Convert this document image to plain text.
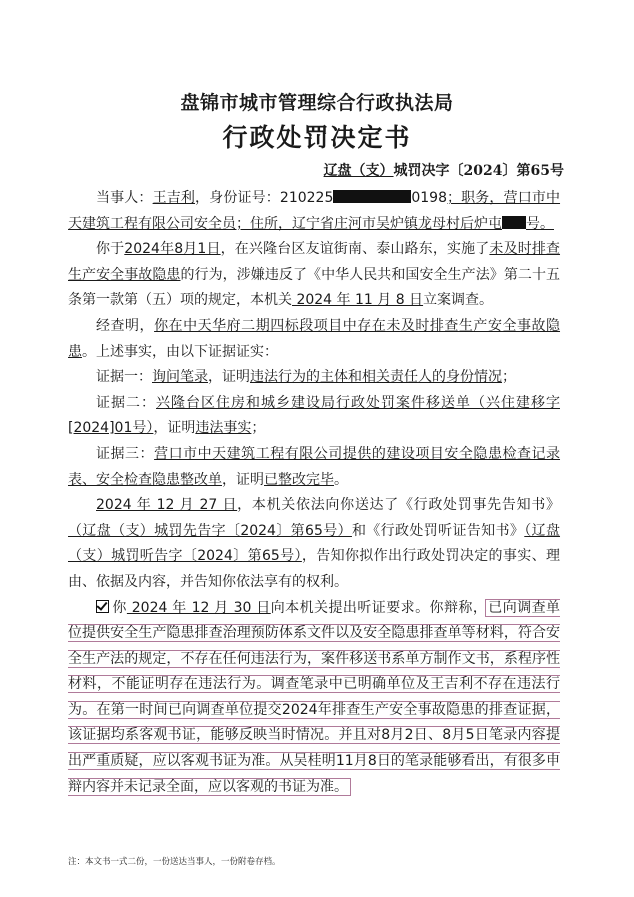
盘锦市城市管理综合行政执法局
行政处罚决定书
辽盘（支）城罚决字〔2024〕第65号

当事人：王吉利，身份证号：210225	0198；职务，营口市中天建筑工程有限公司安全员；住所，辽宁省庄河市吴炉镇龙母村后炉屯 号。

你于2024年8月1日，在兴隆台区友谊街南、泰山路东，实施了未及时排查生产安全事故隐患的行为，涉嫌违反了《中华人民共和国安全生产法》第二十五条第一款第（五）项的规定，本机关 2024 年 11 月 8 日立案调查。

经查明，你在中天华府二期四标段项目中存在未及时排查生产安全事故隐患。上述事实，由以下证据证实：

证据一：询问笔录，证明违法行为的主体和相关责任人的身份情况；

证据二：兴隆台区住房和城乡建设局行政处罚案件移送单（兴住建移字[2024]01号），证明违法事实；

证据三：营口市中天建筑工程有限公司提供的建设项目安全隐患检查记录表、安全检查隐患整改单，证明已整改完毕。

2024 年 12 月 27 日，本机关依法向你送达了《行政处罚事先告知书》（辽盘（支）城罚先告字〔2024〕第65号）和《行政处罚听证告知书》（辽盘（支）城罚听告字〔2024〕第65号），告知你拟作出行政处罚决定的事实、理由、依据及内容，并告知你依法享有的权利。

你 2024 年 12 月 30 日向本机关提出听证要求。你辩称，已向调查单位提供安全生产隐患排查治理预防体系文件以及安全隐患排查单等材料，符合安全生产法的规定，不存在任何违法行为，案件移送书系单方制作文书，系程序性材料，不能证明存在违法行为。调查笔录中已明确单位及王吉利不存在违法行为。在第一时间已向调查单位提交2024年排查生产安全事故隐患的排查证据，该证据均系客观书证，能够反映当时情况。并且对8月2日、8月5日笔录内容提出严重质疑，应以客观书证为准。从吴桂明11月8日的笔录能够看出，有很多申辩内容并未记录全面，应以客观的书证为准。

注：本文书一式二份，一份送达当事人，一份附卷存档。
